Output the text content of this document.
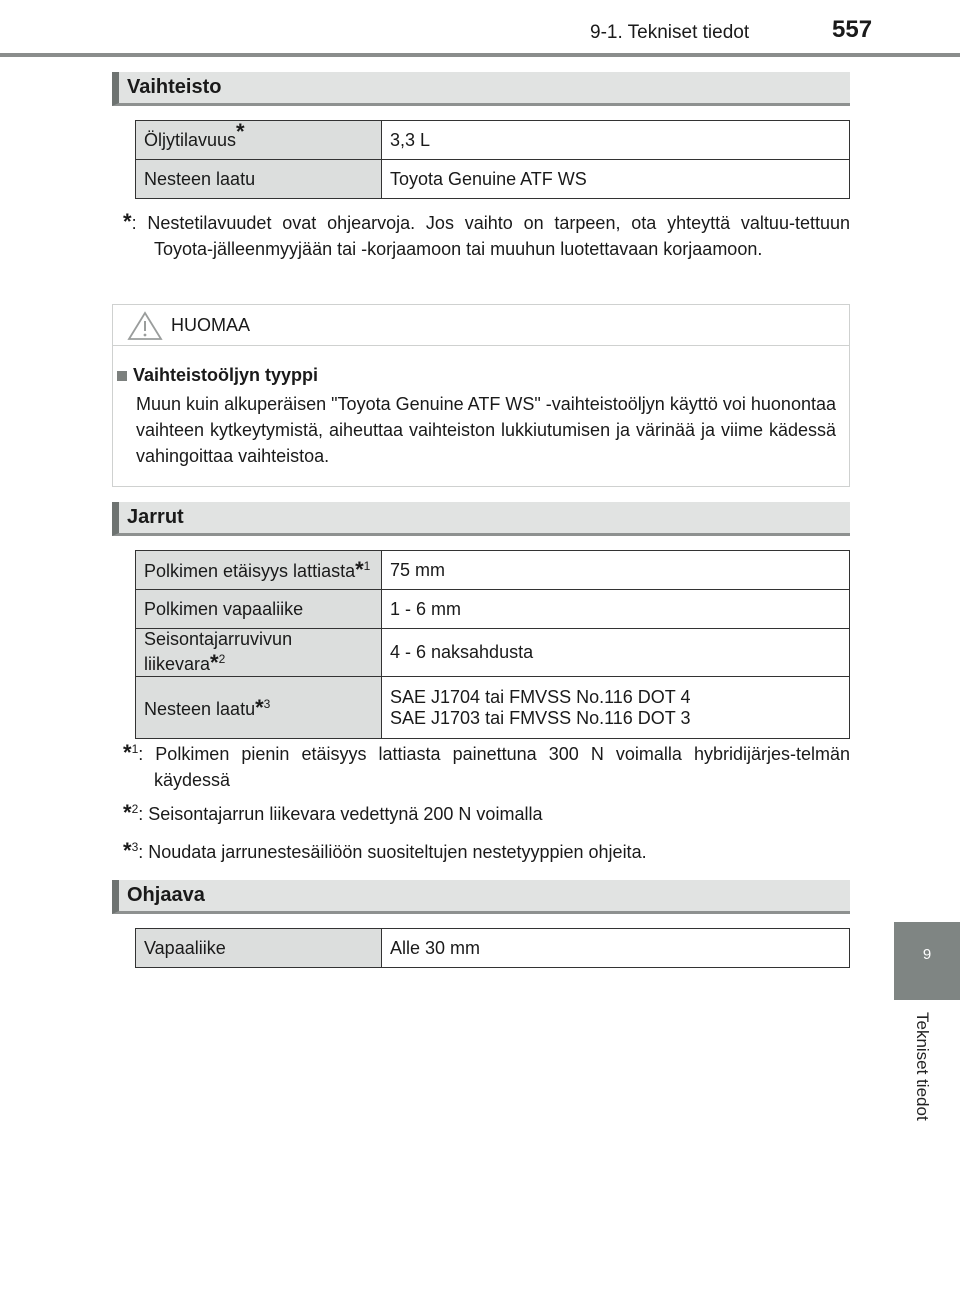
9-1. Tekniset tiedot	557
9
Tekniset tiedot
Vaihteisto
Öljytilavuus*	3,3 L
Nesteen laatu	Toyota Genuine ATF WS
*: Nestetilavuudet ovat ohjearvoja. Jos vaihto on tarpeen, ota yhteyttä valtuu-tettuun Toyota-jälleenmyyjään tai -korjaamoon tai muuhun luotettavaan korjaamoon.
HUOMAA
Vaihteistoöljyn tyyppi
Muun kuin alkuperäisen "Toyota Genuine ATF WS" -vaihteistoöljyn käyttö voi huonontaa vaihteen kytkeytymistä, aiheuttaa vaihteiston lukkiutumisen ja värinää ja viime kädessä vahingoittaa vaihteistoa.
Jarrut
Polkimen etäisyys lattiasta*$^1$	75 mm
Polkimen vapaaliike	1 - 6 mm
Seisontajarruvivun liikevara*$^2$	4 - 6 naksahdusta
Nesteen laatu*$^3$	SAE J1704 tai FMVSS No.116 DOT 4
SAE J1703 tai FMVSS No.116 DOT 3
*$^1$: Polkimen pienin etäisyys lattiasta painettuna 300 N voimalla hybridijärjes-telmän käydessä
*$^2$: Seisontajarrun liikevara vedettynä 200 N voimalla
*$^3$: Noudata jarrunestesäiliöön suositeltujen nestetyyppien ohjeita.
Ohjaava
Vapaaliike	Alle 30 mm
